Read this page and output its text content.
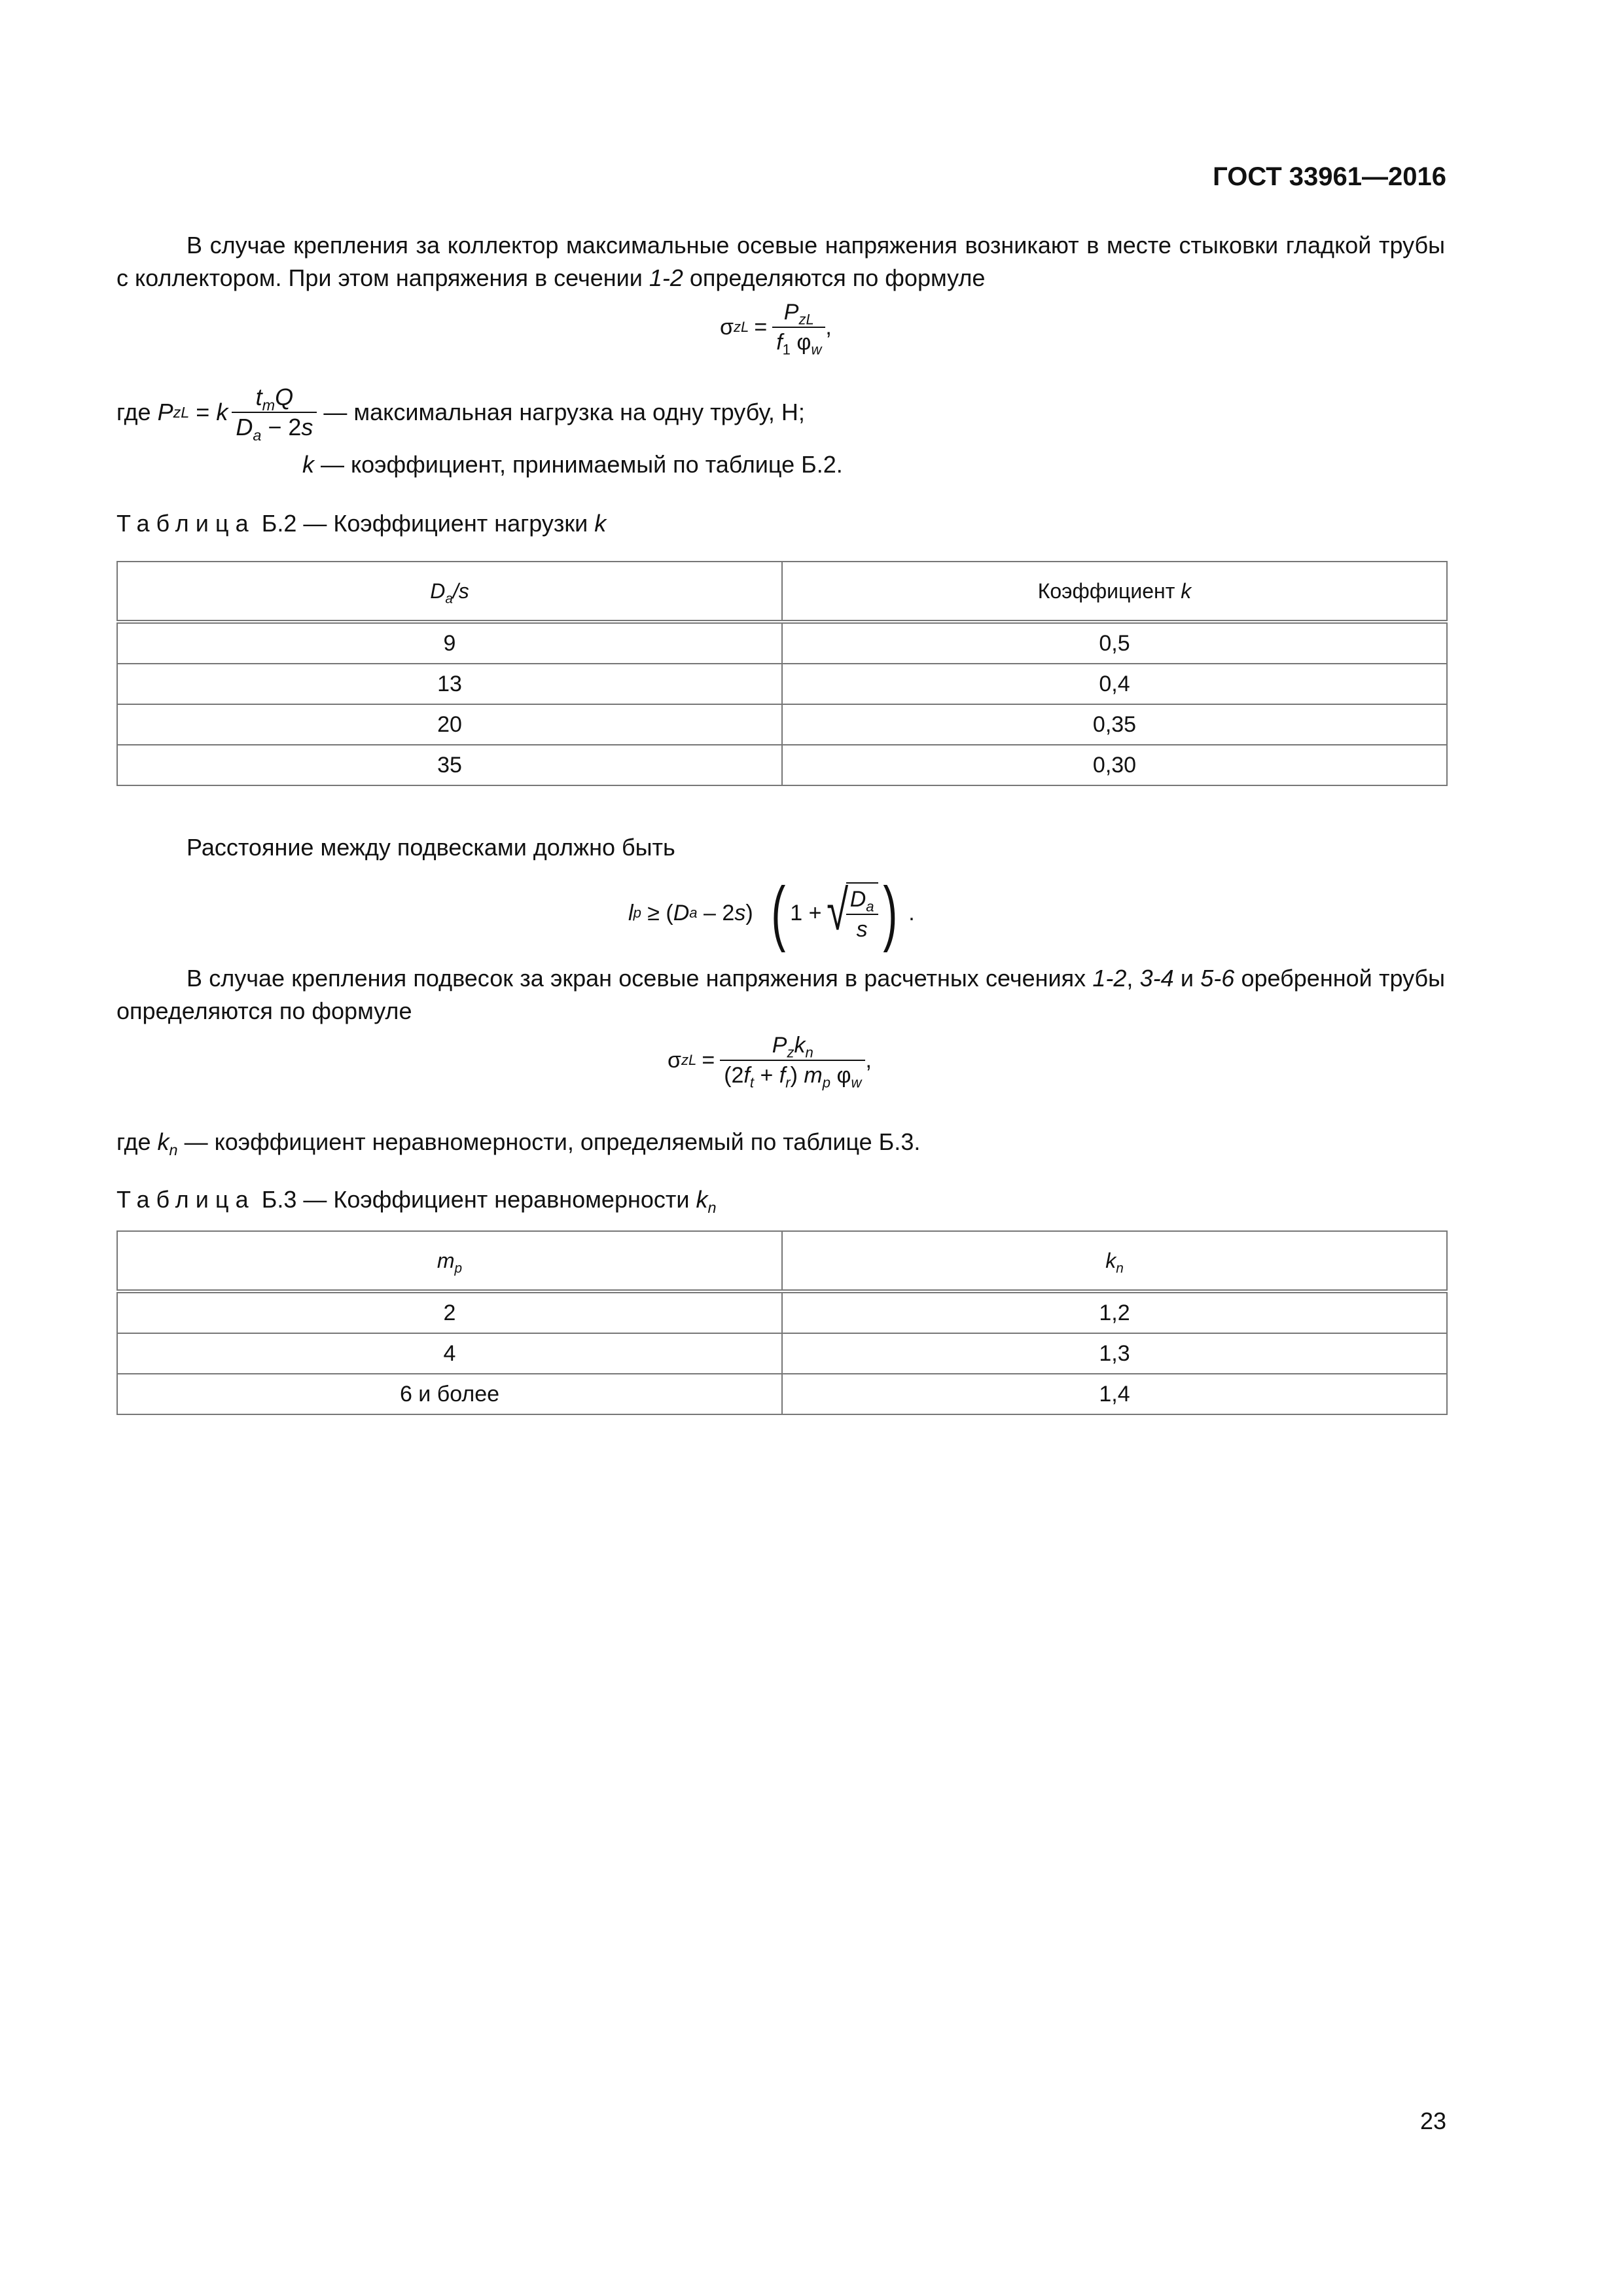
ГОСТ 33961—2016
В случае крепления за коллектор максимальные осевые напряжения возникают в месте стыковки гладкой трубы с коллектором. При этом напряжения в сечении 1-2 определяются по формуле
σ zL = $\frac{P_{zL}}{f_1 \varphi_w}$ ,
где
P zL = k $\frac{t_mQ}{D_a - 2s}$ — максимальная нагрузка на одну трубу, Н;
k — коэффициент, принимаемый по таблице Б.2.
Таблица Б.2 — Коэффициент нагрузки k
$D_a/s$	Коэффициент k
9	0,5
13	0,4
20	0,35
35	0,30
Расстояние между подвесками должно быть
l p ≥ ( D a – 2 s ) ( 1 + √
$\frac{D_a}{s}$ ) .
В случае крепления подвесок за экран осевые напряжения в расчетных сечениях 1-2, 3-4 и 5-6 оребренной трубы определяются по формуле
σ zL = $\frac{P_zk_n}{(2f_t + f_r) m_p \varphi_w}$ ,
где $k_n$ — коэффициент неравномерности, определяемый по таблице Б.3.
Таблица Б.3 — Коэффициент неравномерности $k_n$
$m_p$	$k_n$
2	1,2
4	1,3
6 и более	1,4
23
